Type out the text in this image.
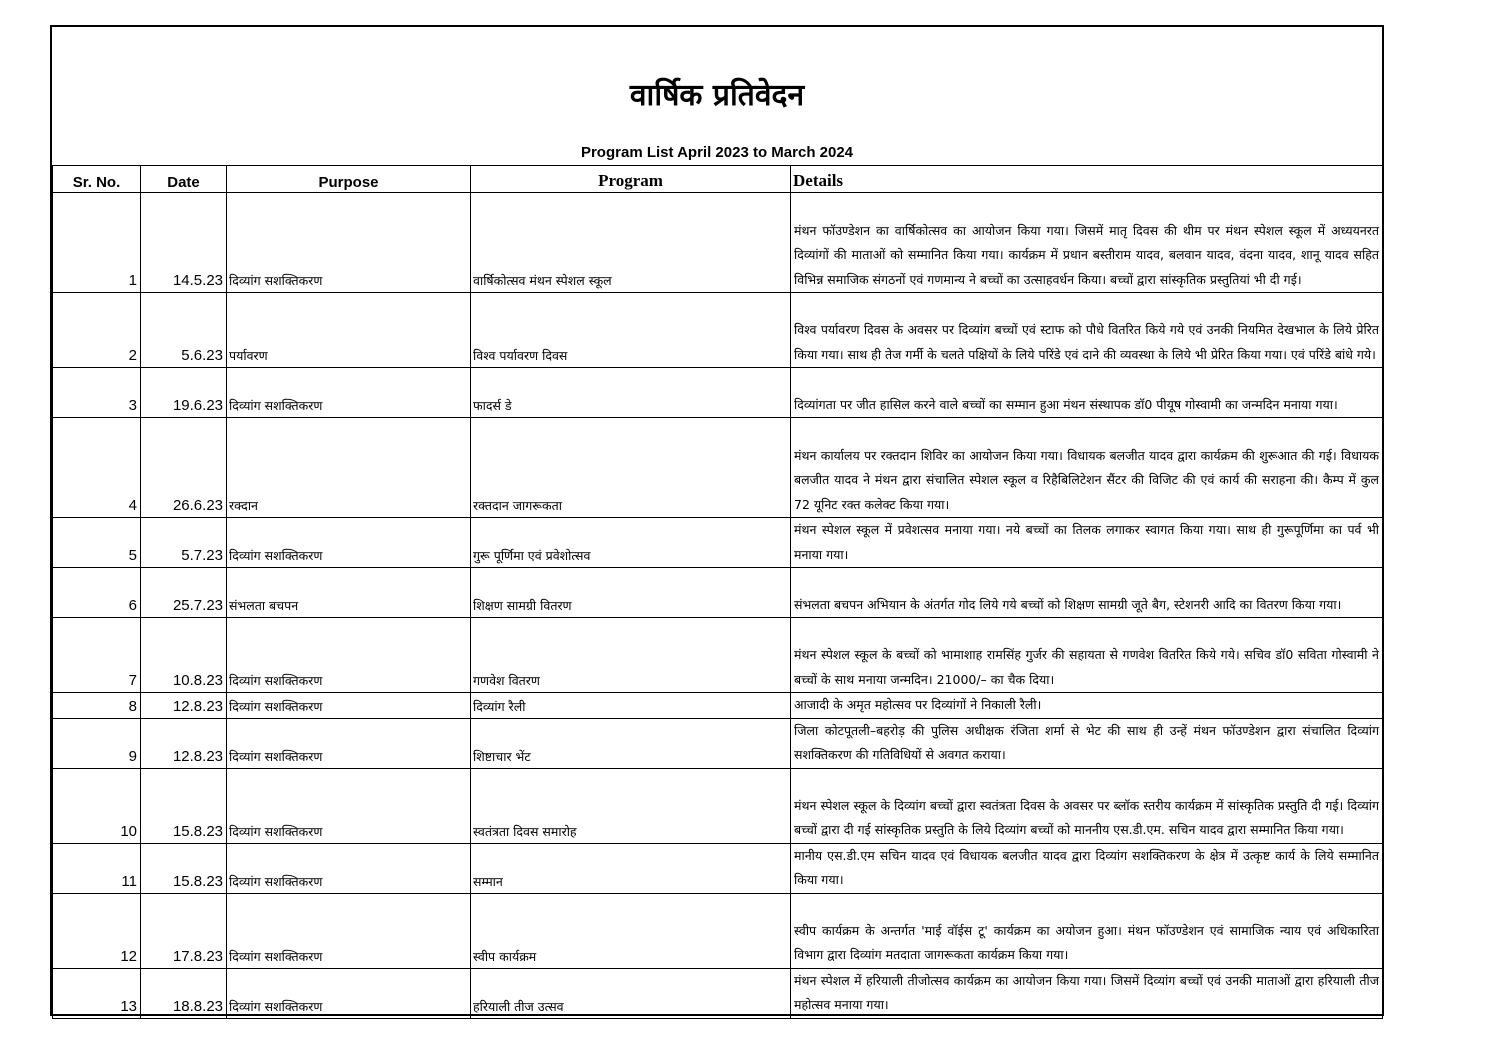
वार्षिक प्रतिवेदन
Program List April 2023 to March 2024
Sr. No.	Date	Purpose	Program	Details
1	14.5.23	दिव्यांग सशक्तिकरण	वार्षिकोत्सव मंथन स्पेशल स्कूल	मंथन फॉउण्डेशन का वार्षिकोत्सव का आयोजन किया गया। जिसमें मातृ दिवस की थीम पर मंथन स्पेशल स्कूल में अध्ययनरत दिव्यांगों की माताओं को सम्मानित किया गया। कार्यक्रम में प्रधान बस्तीराम यादव, बलवान यादव, वंदना यादव, शानू यादव सहित विभिन्न समाजिक संगठनों एवं गणमान्य ने बच्चों का उत्साहवर्धन किया। बच्चों द्वारा सांस्कृतिक प्रस्तुतियां भी दी गई।
2	5.6.23	पर्यावरण	विश्व पर्यावरण दिवस	विश्व पर्यावरण दिवस के अवसर पर दिव्यांग बच्चों एवं स्टाफ को पौधे वितरित किये गये एवं उनकी नियमित देखभाल के लिये प्रेरित किया गया। साथ ही तेज गर्मी के चलते पक्षियों के लिये परिंडे एवं दाने की व्यवस्था के लिये भी प्रेरित किया गया। एवं परिंडे बांधे गये।
3	19.6.23	दिव्यांग सशक्तिकरण	फादर्स डे	दिव्यांगता पर जीत हासिल करने वाले बच्चों का सम्मान हुआ मंथन संस्थापक डॉ0 पीयूष गोस्वामी का जन्मदिन मनाया गया।
4	26.6.23	रक्दान	रक्तदान जागरूकता	मंथन कार्यालय पर रक्तदान शिविर का आयोजन किया गया। विधायक बलजीत यादव द्वारा कार्यक्रम की शुरूआत की गई। विधायक बलजीत यादव ने मंथन द्वारा संचालित स्पेशल स्कूल व रिहैबिलिटेशन सैंटर की विजिट की एवं कार्य की सराहना की। कैम्प में कुल 72 यूनिट रक्त कलेक्ट किया गया।
5	5.7.23	दिव्यांग सशक्तिकरण	गुरू पूर्णिमा एवं प्रवेशोत्सव	मंथन स्पेशल स्कूल में प्रवेशत्सव मनाया गया। नये बच्चों का तिलक लगाकर स्वागत किया गया। साथ ही गुरूपूर्णिमा का पर्व भी मनाया गया।
6	25.7.23	संभलता बचपन	शिक्षण सामग्री वितरण	संभलता बचपन अभियान के अंतर्गत गोद लिये गये बच्चों को शिक्षण सामग्री जूते बैग, स्टेशनरी आदि का वितरण किया गया।
7	10.8.23	दिव्यांग सशक्तिकरण	गणवेश वितरण	मंथन स्पेशल स्कूल के बच्चों को भामाशाह रामसिंह गुर्जर की सहायता से गणवेश वितरित किये गये। सचिव डॉ0 सविता गोस्वामी ने बच्चों के साथ मनाया जन्मदिन। 21000/– का चैक दिया।
8	12.8.23	दिव्यांग सशक्तिकरण	दिव्यांग रैली	आजादी के अमृत महोत्सव पर दिव्यांगों ने निकाली रैली।
9	12.8.23	दिव्यांग सशक्तिकरण	शिष्टाचार भेंट	जिला कोटपूतली–बहरोड़ की पुलिस अधीक्षक रंजिता शर्मा से भेट की साथ ही उन्हें मंथन फॉउण्डेशन द्वारा संचालित दिव्यांग सशक्तिकरण की गतिविधियों से अवगत कराया।
10	15.8.23	दिव्यांग सशक्तिकरण	स्वतंत्रता दिवस समारोह	मंथन स्पेशल स्कूल के दिव्यांग बच्चों द्वारा स्वतंत्रता दिवस के अवसर पर ब्लॉक स्तरीय कार्यक्रम में सांस्कृतिक प्रस्तुति दी गई। दिव्यांग बच्चों द्वारा दी गई सांस्कृतिक प्रस्तुति के लिये दिव्यांग बच्चों को माननीय एस.डी.एम. सचिन यादव द्वारा सम्मानित किया गया।
11	15.8.23	दिव्यांग सशक्तिकरण	सम्मान	मानीय एस.डी.एम सचिन यादव एवं विधायक बलजीत यादव द्वारा दिव्यांग सशक्तिकरण के क्षेत्र में उत्कृष्ट कार्य के लिये सम्मानित किया गया।
12	17.8.23	दिव्यांग सशक्तिकरण	स्वीप कार्यक्रम	स्वीप कार्यक्रम के अन्तर्गत 'माई वॉईस टू' कार्यक्रम का अयोजन हुआ। मंथन फॉउण्डेशन एवं सामाजिक न्याय एवं अधिकारिता विभाग द्वारा दिव्यांग मतदाता जागरूकता कार्यक्रम किया गया।
13	18.8.23	दिव्यांग सशक्तिकरण	हरियाली तीज उत्सव	मंथन स्पेशल में हरियाली तीजोत्सव कार्यक्रम का आयोजन किया गया। जिसमें दिव्यांग बच्चों एवं उनकी माताओं द्वारा हरियाली तीज महोत्सव मनाया गया।
